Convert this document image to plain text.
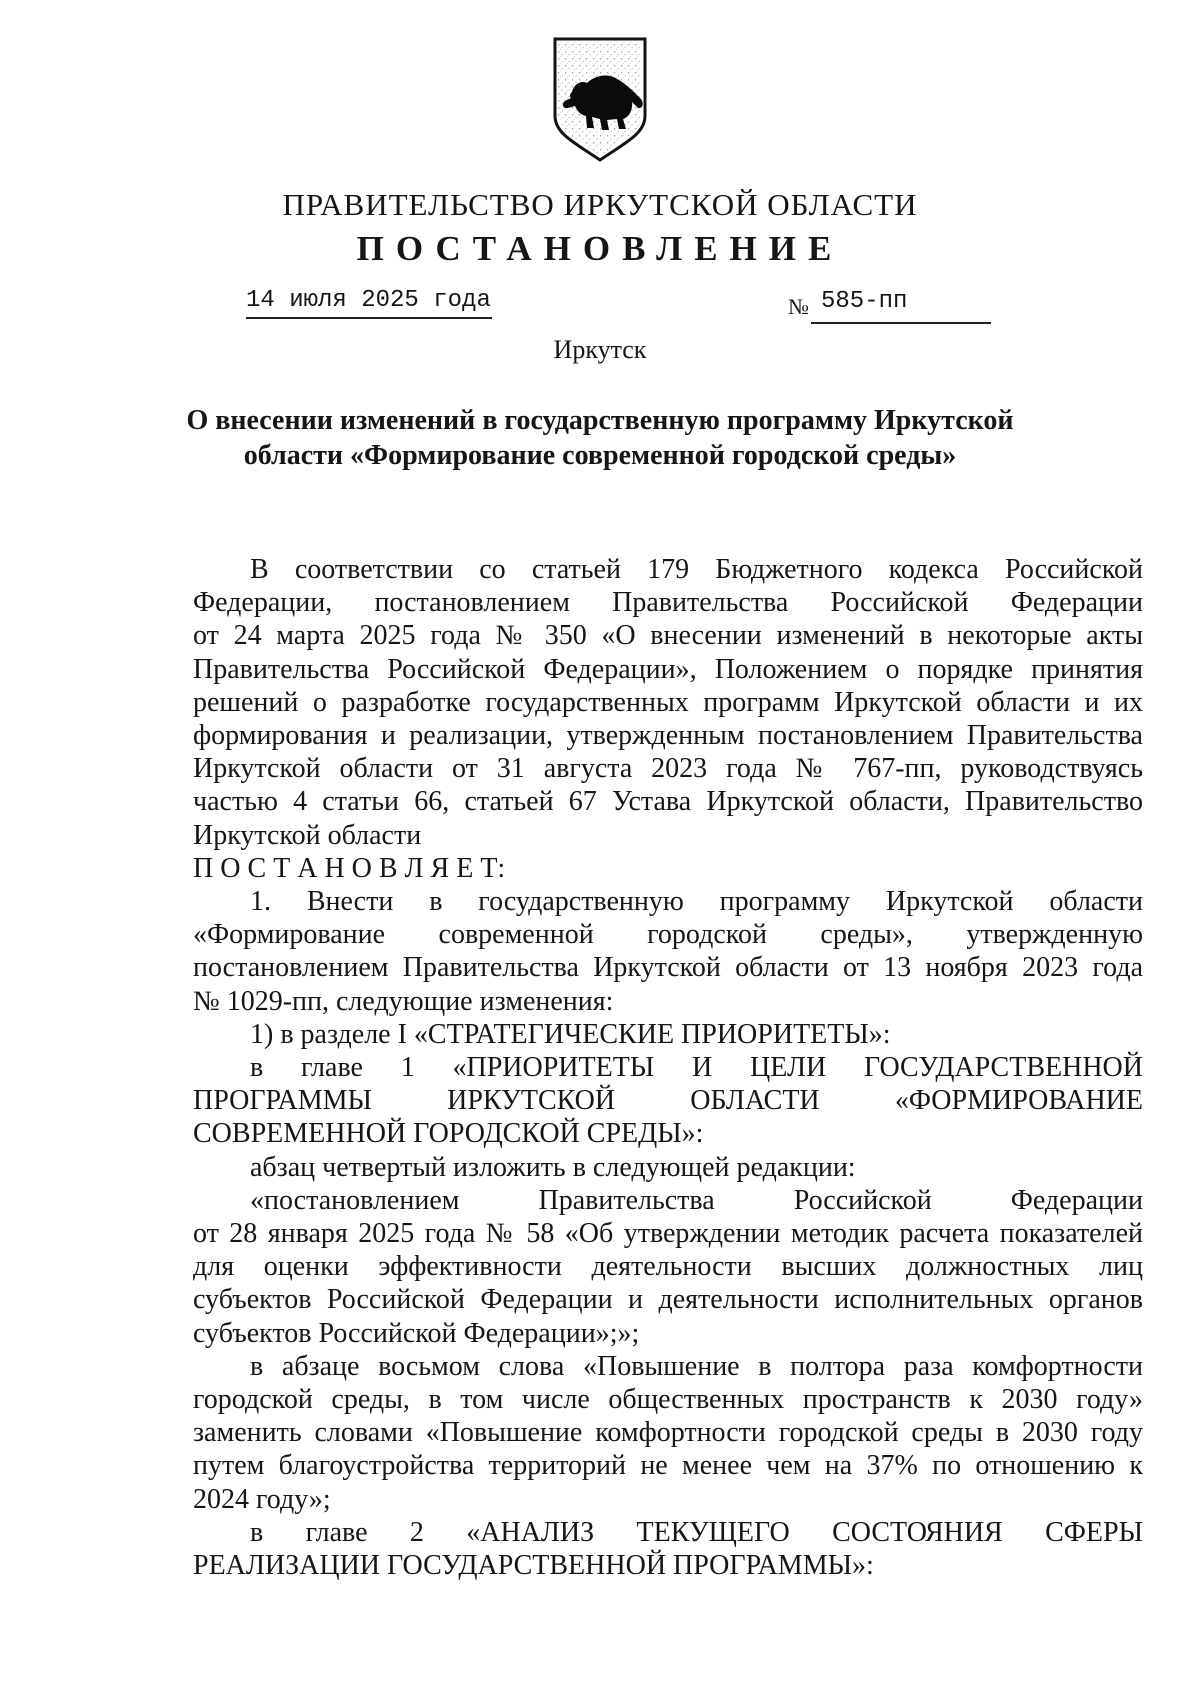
ПРАВИТЕЛЬСТВО ИРКУТСКОЙ ОБЛАСТИ
ПОСТАНОВЛЕНИЕ
14 июля 2025 года	№ 585-пп
Иркутск
О внесении изменений в государственную программу Иркутской
области «Формирование современной городской среды»
В соответствии со статьей 179 Бюджетного кодекса Российской
Федерации, постановлением Правительства Российской Федерации
от 24 марта 2025 года № 350 «О внесении изменений в некоторые акты
Правительства Российской Федерации», Положением о порядке принятия
решений о разработке государственных программ Иркутской области и их
формирования и реализации, утвержденным постановлением Правительства
Иркутской области от 31 августа 2023 года № 767-пп, руководствуясь
частью 4 статьи 66, статьей 67 Устава Иркутской области, Правительство
Иркутской области
П О С Т А Н О В Л Я Е Т:
1. Внести в государственную программу Иркутской области
«Формирование современной городской среды», утвержденную
постановлением Правительства Иркутской области от 13 ноября 2023 года
№ 1029-пп, следующие изменения:
1) в разделе I «СТРАТЕГИЧЕСКИЕ ПРИОРИТЕТЫ»:
в главе 1 «ПРИОРИТЕТЫ И ЦЕЛИ ГОСУДАРСТВЕННОЙ
ПРОГРАММЫ ИРКУТСКОЙ ОБЛАСТИ «ФОРМИРОВАНИЕ
СОВРЕМЕННОЙ ГОРОДСКОЙ СРЕДЫ»:
абзац четвертый изложить в следующей редакции:
«постановлением Правительства Российской Федерации
от 28 января 2025 года № 58 «Об утверждении методик расчета показателей
для оценки эффективности деятельности высших должностных лиц
субъектов Российской Федерации и деятельности исполнительных органов
субъектов Российской Федерации»;»;
в абзаце восьмом слова «Повышение в полтора раза комфортности
городской среды, в том числе общественных пространств к 2030 году»
заменить словами «Повышение комфортности городской среды в 2030 году
путем благоустройства территорий не менее чем на 37% по отношению к
2024 году»;
в главе 2 «АНАЛИЗ ТЕКУЩЕГО СОСТОЯНИЯ СФЕРЫ
РЕАЛИЗАЦИИ ГОСУДАРСТВЕННОЙ ПРОГРАММЫ»:
